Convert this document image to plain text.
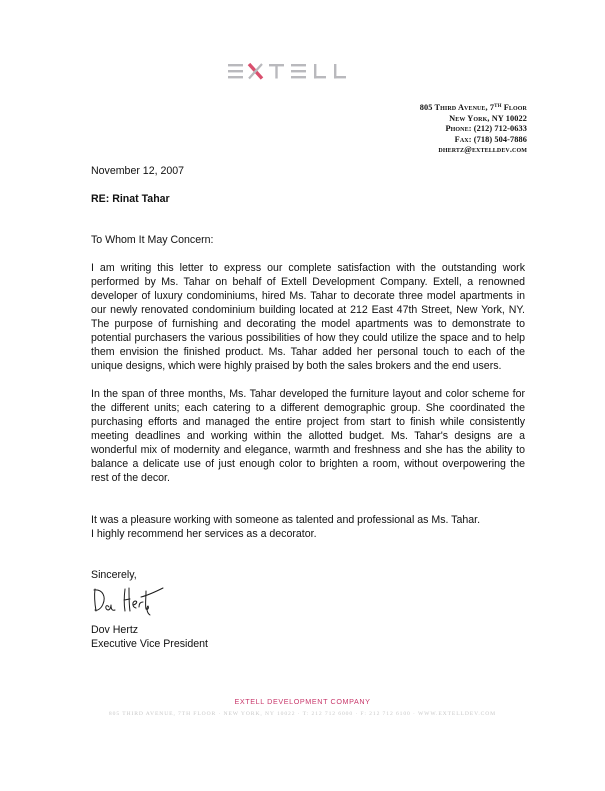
805 Third Avenue, 7TH Floor
New York, NY 10022
Phone: (212) 712-0633
Fax: (718) 504-7886
dhertz@extelldev.com
November 12, 2007
RE: Rinat Tahar
To Whom It May Concern:

I am writing this letter to express our complete satisfaction with the outstanding work performed by Ms. Tahar on behalf of Extell Development Company. Extell, a renowned developer of luxury condominiums, hired Ms. Tahar to decorate three model apartments in our newly renovated condominium building located at 212 East 47th Street, New York, NY. The purpose of furnishing and decorating the model apartments was to demonstrate to potential purchasers the various possibilities of how they could utilize the space and to help them envision the finished product. Ms. Tahar added her personal touch to each of the unique designs, which were highly praised by both the sales brokers and the end users.

In the span of three months, Ms. Tahar developed the furniture layout and color scheme for the different units; each catering to a different demographic group. She coordinated the purchasing efforts and managed the entire project from start to finish while consistently meeting deadlines and working within the allotted budget. Ms. Tahar's designs are a wonderful mix of modernity and elegance, warmth and freshness and she has the ability to balance a delicate use of just enough color to brighten a room, without overpowering the rest of the decor.

It was a pleasure working with someone as talented and professional as Ms. Tahar.
I highly recommend her services as a decorator.
Sincerely,
Dov Hertz
Executive Vice President
EXTELL DEVELOPMENT COMPANY
805 THIRD AVENUE, 7TH FLOOR · NEW YORK, NY 10022 · T: 212 712 6000 · F: 212 712 6100 · WWW.EXTELLDEV.COM
